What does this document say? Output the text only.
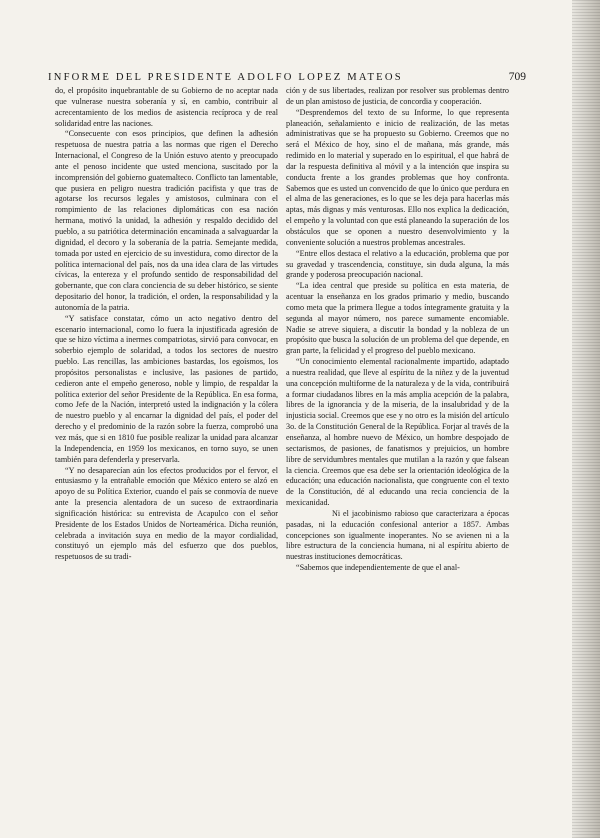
INFORME DEL PRESIDENTE ADOLFO LOPEZ MATEOS	709

do, el propósito inquebrantable de su Gobierno de no aceptar nada que vulnerase nuestra soberanía y sí, en cambio, contribuir al acrecentamiento de los medios de asistencia recíproca y de real solidaridad entre las naciones.

“Consecuente con esos principios, que definen la adhesión respetuosa de nuestra patria a las normas que rigen el Derecho Internacional, el Congreso de la Unión estuvo atento y preocupado ante el penoso incidente que usted menciona, suscitado por la incomprensión del gobierno guatemalteco. Conflicto tan lamentable, que pusiera en peligro nuestra tradición pacifista y que tras de agotarse los recursos legales y amistosos, culminara con el rompimiento de las relaciones diplomáticas con esa nación hermana, motivó la unidad, la adhesión y respaldo decidido del pueblo, a su patriótica determinación encaminada a salvaguardar la dignidad, el decoro y la soberanía de la patria. Semejante medida, tomada por usted en ejercicio de su investidura, como director de la política internacional del país, nos da una idea clara de las virtudes cívicas, la entereza y el profundo sentido de responsabilidad del gobernante, que con clara conciencia de su deber histórico, se siente depositario del honor, la tradición, el orden, la responsabilidad y la autonomía de la patria.

“Y satisface constatar, cómo un acto negativo dentro del escenario internacional, como lo fuera la injustificada agresión de que se hizo víctima a inermes compatriotas, sirvió para convocar, en soberbio ejemplo de solaridad, a todos los sectores de nuestro pueblo. Las rencillas, las ambiciones bastardas, los egoísmos, los propósitos personalistas e inclusive, las pasiones de partido, cedieron ante el empeño generoso, noble y limpio, de respaldar la política exterior del señor Presidente de la República. En esa forma, como Jefe de la Nación, interpretó usted la indignación y la cólera de nuestro pueblo y al encarnar la dignidad del país, el poder del derecho y el predominio de la razón sobre la fuerza, comprobó una vez más, que si en 1810 fue posible realizar la unidad para alcanzar la Independencia, en 1959 los mexicanos, en torno suyo, se unen también para defenderla y preservarla.

“Y no desaparecían aún los efectos producidos por el fervor, el entusiasmo y la entrañable emoción que México entero se alzó en apoyo de su Política Exterior, cuando el país se conmovía de nueve ante la presencia alentadora de un suceso de extraordinaria significación histórica: su entrevista de Acapulco con el señor Presidente de los Estados Unidos de Norteamérica. Dicha reunión, celebrada a invitación suya en medio de la mayor cordialidad, constituyó un ejemplo más del esfuerzo que dos pueblos, respetuosos de su tradi-

ción y de sus libertades, realizan por resolver sus problemas dentro de un plan amistoso de justicia, de concordia y cooperación.

“Desprendemos del texto de su Informe, lo que representa planeación, señalamiento e inicio de realización, de las metas administrativas que se ha propuesto su Gobierno. Creemos que no será el México de hoy, sino el de mañana, más grande, más redimido en lo material y superado en lo espiritual, el que habrá de dar la respuesta definitiva al móvil y a la intención que inspira su conducta frente a los grandes problemas que hoy confronta. Sabemos que es usted un convencido de que lo único que perdura en el alma de las generaciones, es lo que se les deja para hacerlas más aptas, más dignas y más venturosas. Ello nos explica la dedicación, el empeño y la voluntad con que está planeando la superación de los obstáculos que se oponen a nuestro desenvolvimiento y la conveniente solución a nuestros problemas ancestrales.

“Entre ellos destaca el relativo a la educación, problema que por su gravedad y trascendencia, constituye, sin duda alguna, la más grande y poderosa preocupación nacional.

“La idea central que preside su política en esta materia, de acentuar la enseñanza en los grados primario y medio, buscando como meta que la primera llegue a todos íntegramente gratuita y la segunda al mayor número, nos parece sumamente encomiable. Nadie se atreve siquiera, a discutir la bondad y la nobleza de un propósito que busca la solución de un problema del que depende, en gran parte, la felicidad y el progreso del pueblo mexicano.

“Un conocimiento elemental racionalmente impartido, adaptado a nuestra realidad, que lleve al espíritu de la niñez y de la juventud una concepción multiforme de la naturaleza y de la vida, contribuirá a formar ciudadanos libres en la más amplia acepción de la palabra, libres de la ignorancia y de la miseria, de la insalubridad y de la injusticia social. Creemos que ese y no otro es la misión del artículo 3o. de la Constitución General de la República. Forjar al través de la enseñanza, al hombre nuevo de México, un hombre despojado de sectarismos, de pasiones, de fanatismos y prejuicios, un hombre libre de servidumbres mentales que mutilan a la razón y que falsean la ciencia. Creemos que esa debe ser la orientación ideológica de la educación; una educación nacionalista, que congruente con el texto de la Constitución, dé al educando una recia conciencia de la mexicanidad.

Ni el jacobinismo rabioso que caracterizara a épocas pasadas, ni la educación confesional anterior a 1857. Ambas concepciones son igualmente inoperantes. No se avienen ni a la libre estructura de la conciencia humana, ni al espíritu abierto de nuestras instituciones democráticas.

“Sabemos que independientemente de que el anal-
